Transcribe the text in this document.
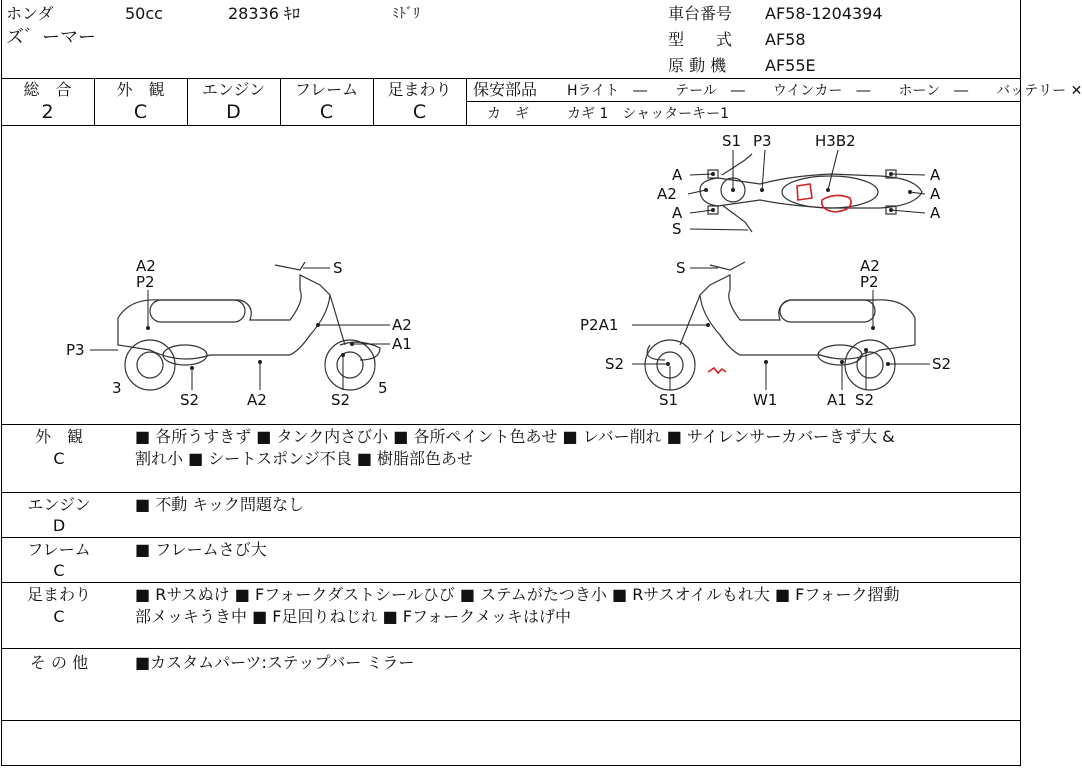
ホンダ	50cc	28336 ｷﾛ	ﾐﾄﾞﾘ
ズ゛ーマー
車台番号 AF58-1204394
型　　式 AF58
原 動 機 AF55E
総　合
2
外　観
C
エンジン
D
フレーム
C
足まわり
C
保安部品 Hライト　―　　テール　―　　ウインカー　―　　ホーン　―　　バッテリー ✕
カ　ギ	カギ 1　シャッターキー1
S1 P3	H3B2
A
A2
A
S
A
A
A
A2
P2
S
P3
A2
A1
3
S2	A2	S2
5
S	A2
P2
P2A1
S2	S2
S1	W1	A1 S2
外　観
C
■ 各所うすきず ■ タンク内さび小 ■ 各所ペイント色あせ ■ レバー削れ ■ サイレンサーカバーきず大 &
割れ小 ■ シートスポンジ不良 ■ 樹脂部色あせ
エンジン
D
■ 不動 キック問題なし
フレーム
C
■ フレームさび大
足まわり
C
■ Rサスぬけ ■ Fフォークダストシールひび ■ ステムがたつき小 ■ Rサスオイルもれ大 ■ Fフォーク摺動
部メッキうき中 ■ F足回りねじれ ■ Fフォークメッキはげ中
そ の 他	■カスタムパーツ:ステップバー ミラー
